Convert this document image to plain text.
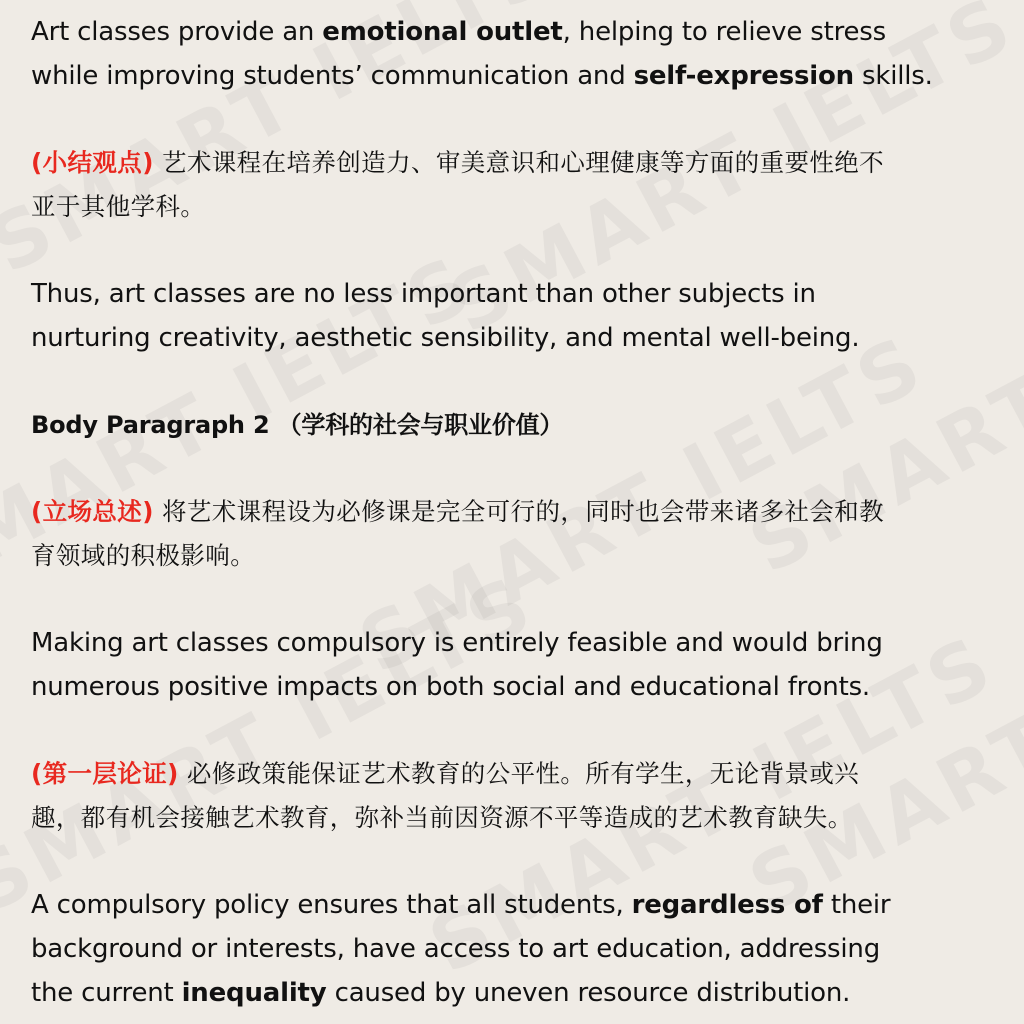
Art classes provide an emotional outlet, helping to relieve stress
while improving students’ communication and self-expression skills.

(小结观点) 艺术课程在培养创造力、审美意识和心理健康等方面的重要性绝不
亚于其他学科。

Thus, art classes are no less important than other subjects in
nurturing creativity, aesthetic sensibility, and mental well-being.

Body Paragraph 2 （学科的社会与职业价值）

(立场总述) 将艺术课程设为必修课是完全可行的，同时也会带来诸多社会和教
育领域的积极影响。

Making art classes compulsory is entirely feasible and would bring
numerous positive impacts on both social and educational fronts.

(第一层论证) 必修政策能保证艺术教育的公平性。所有学生，无论背景或兴
趣，都有机会接触艺术教育，弥补当前因资源不平等造成的艺术教育缺失。

A compulsory policy ensures that all students, regardless of their
background or interests, have access to art education, addressing
the current inequality caused by uneven resource distribution.
